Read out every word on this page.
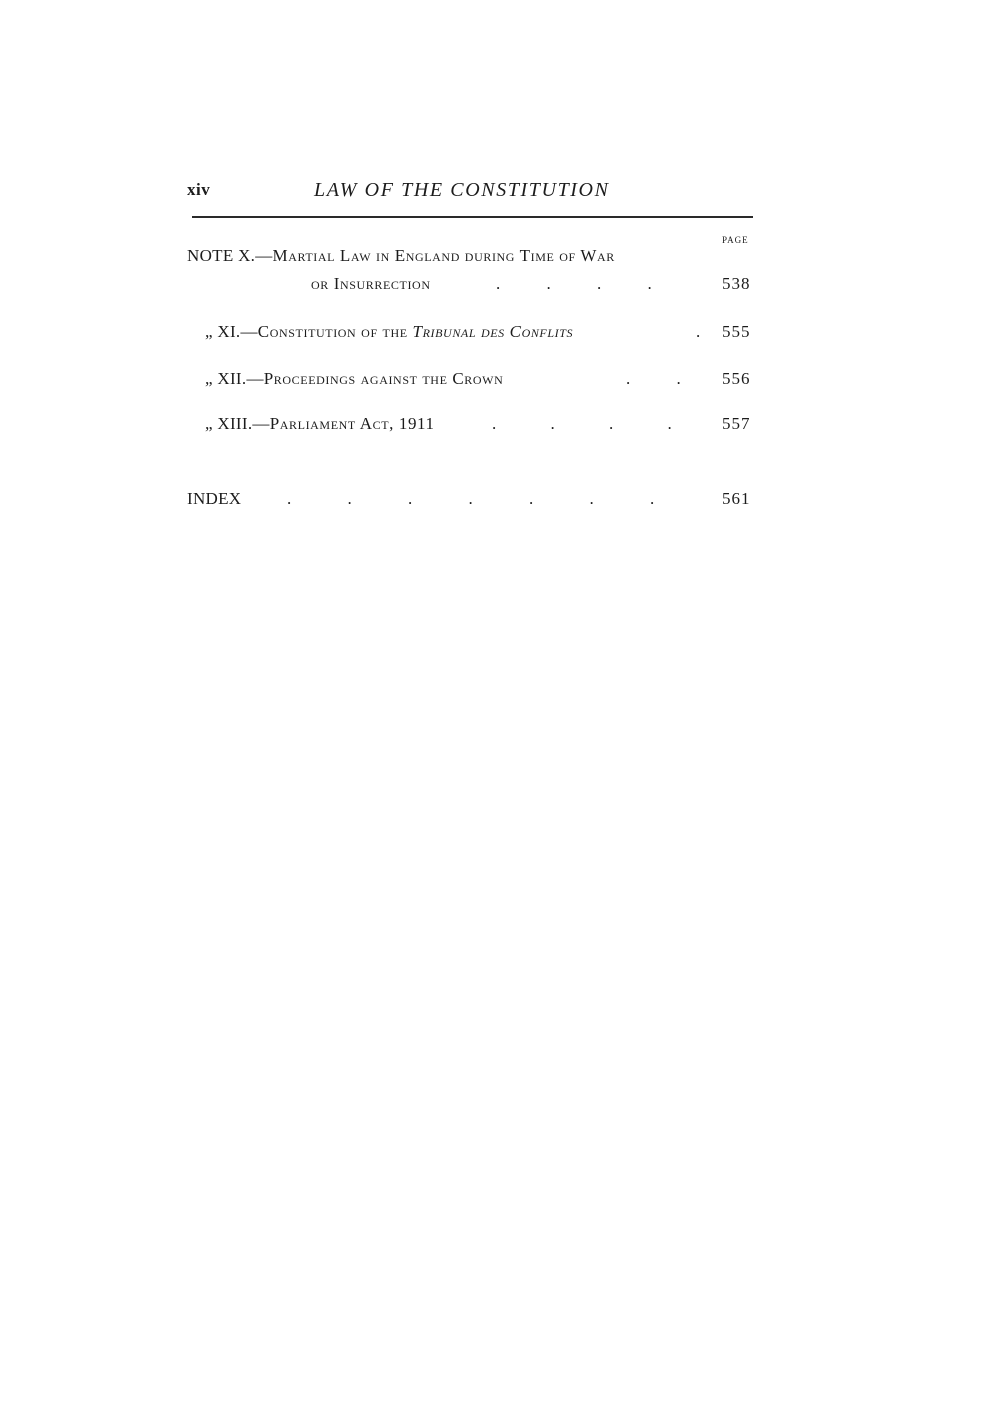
xiv	LAW OF THE CONSTITUTION
PAGE
NOTE X.—Martial Law in England during Time of War
or Insurrection	. . . .	538
„ XI.—Constitution of the Tribunal des Conflits	. 555
„ XII.—Proceedings against the Crown	. . 556
„ XIII.—Parliament Act, 1911	. . . .	557
INDEX	. . . . . . .	561
